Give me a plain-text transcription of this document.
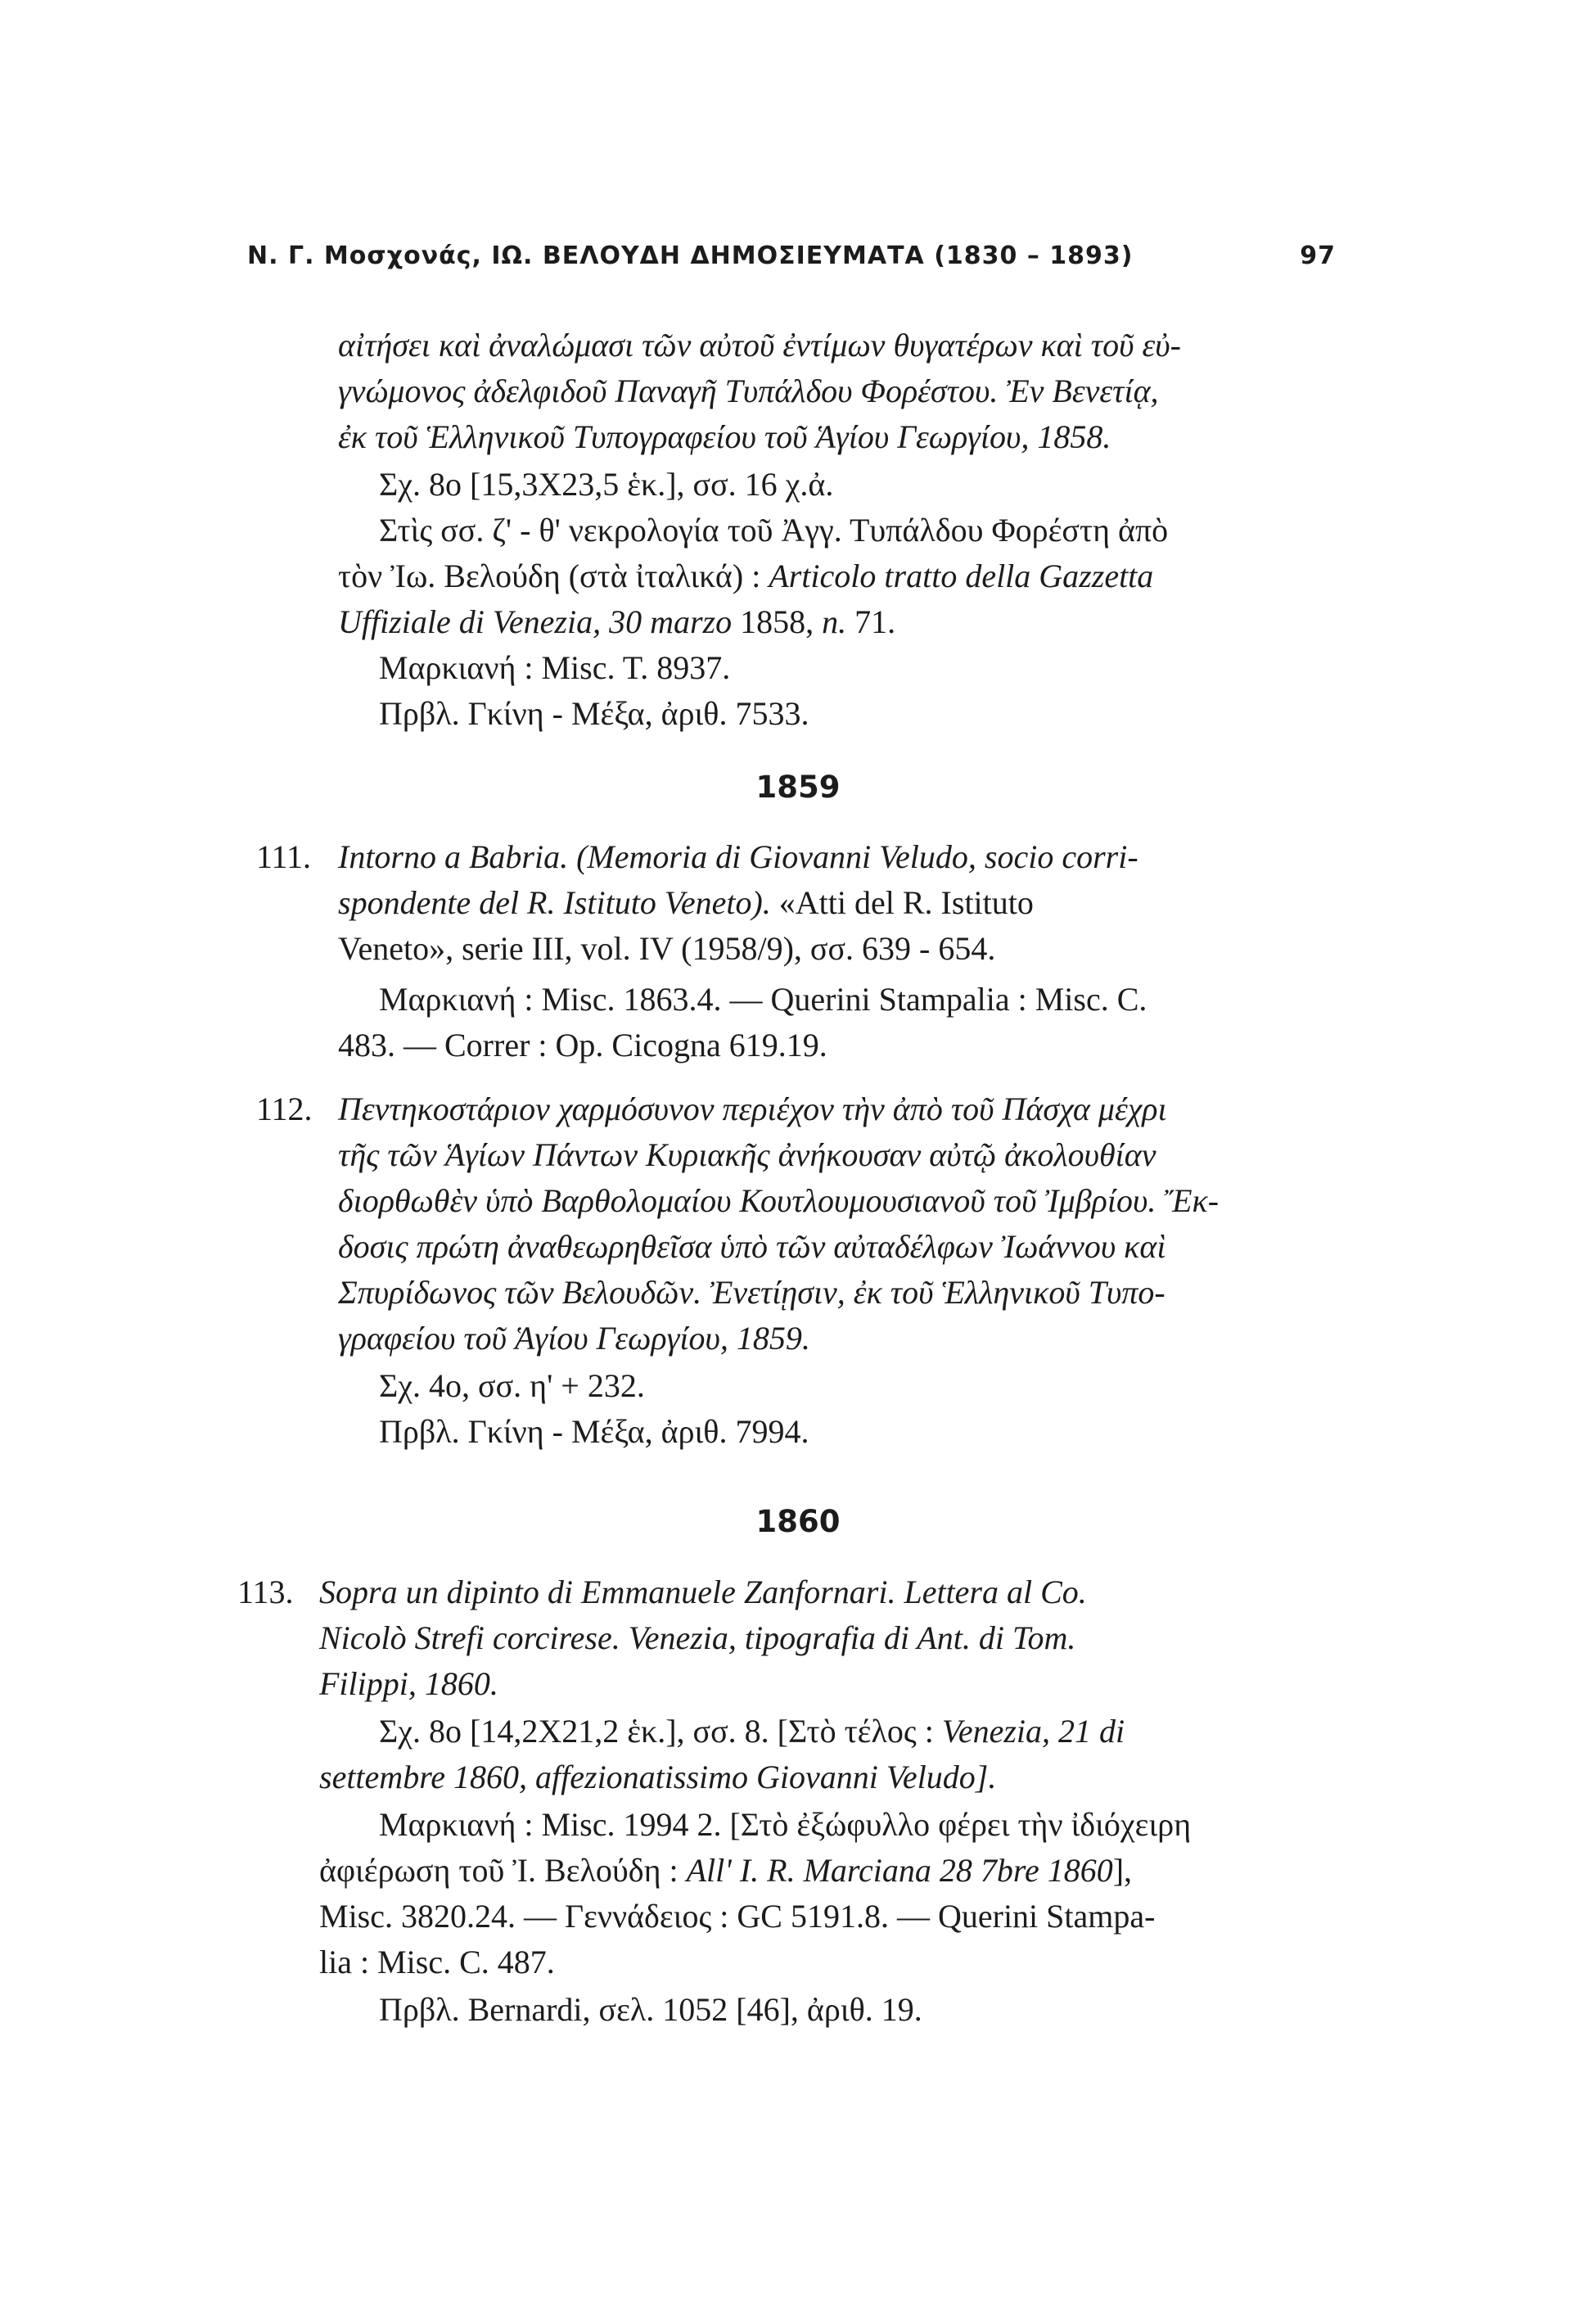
Ν. Γ. Μοσχονάς, ΙΩ. ΒΕΛΟΥΔΗ ΔΗΜΟΣΙΕΥΜΑΤΑ (1830 – 1893)	97
αἰτήσει καὶ ἀναλώμασι τῶν αὐτοῦ ἐντίμων θυγατέρων καὶ τοῦ εὐ-
γνώμονος ἀδελφιδοῦ Παναγῆ Τυπάλδου Φορέστου. Ἐν Βενετίᾳ,
ἐκ τοῦ Ἑλληνικοῦ Τυπογραφείου τοῦ Ἁγίου Γεωργίου, 1858.
Σχ. 8ο [15,3Χ23,5 ἑκ.], σσ. 16 χ.ἀ.
Στὶς σσ. ζ' - θ' νεκρολογία τοῦ Ἀγγ. Τυπάλδου Φορέστη ἀπὸ
τὸν Ἰω. Βελούδη (στὰ ἰταλικά) : Articolo tratto della Gazzetta
Uffiziale di Venezia, 30 marzo 1858, n. 71.
Μαρκιανή : Misc. T. 8937.
Πρβλ. Γκίνη - Μέξα, ἀριθ. 7533.
1859
111. Intorno a Babria. (Memoria di Giovanni Veludo, socio corri-
spondente del R. Istituto Veneto). «Atti del R. Istituto
Veneto», serie III, vol. IV (1958/9), σσ. 639 - 654.
Μαρκιανή : Misc. 1863.4. — Querini Stampalia : Misc. C.
483. — Correr : Op. Cicogna 619.19.
112. Πεντηκοστάριον χαρμόσυνον περιέχον τὴν ἀπὸ τοῦ Πάσχα μέχρι
τῆς τῶν Ἁγίων Πάντων Κυριακῆς ἀνήκουσαν αὐτῷ ἀκολουθίαν
διορθωθὲν ὑπὸ Βαρθολομαίου Κουτλουμουσιανοῦ τοῦ Ἰμβρίου. Ἔκ-
δοσις πρώτη ἀναθεωρηθεῖσα ὑπὸ τῶν αὐταδέλφων Ἰωάννου καὶ
Σπυρίδωνος τῶν Βελουδῶν. Ἐνετίῃσιν, ἐκ τοῦ Ἑλληνικοῦ Τυπο-
γραφείου τοῦ Ἁγίου Γεωργίου, 1859.
Σχ. 4ο, σσ. η' + 232.
Πρβλ. Γκίνη - Μέξα, ἀριθ. 7994.
1860
113. Sopra un dipinto di Emmanuele Zanfornari. Lettera al Co.
Nicolò Strefi corcirese. Venezia, tipografia di Ant. di Tom.
Filippi, 1860.
Σχ. 8ο [14,2Χ21,2 ἑκ.], σσ. 8. [Στὸ τέλος : Venezia, 21 di
settembre 1860, affezionatissimo Giovanni Veludo].
Μαρκιανή : Misc. 1994 2. [Στὸ ἐξώφυλλο φέρει τὴν ἰδιόχειρη
ἀφιέρωση τοῦ Ἰ. Βελούδη : All' I. R. Marciana 28 7bre 1860],
Misc. 3820.24. — Γεννάδειος : GC 5191.8. — Querini Stampa-
lia : Misc. C. 487.
Πρβλ. Bernardi, σελ. 1052 [46], ἀριθ. 19.
